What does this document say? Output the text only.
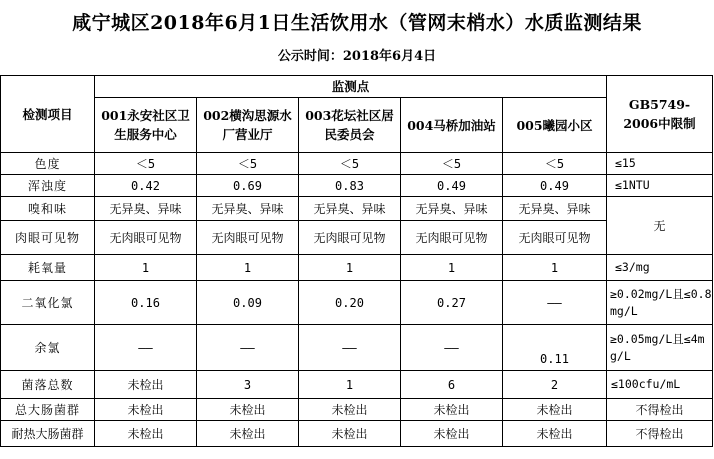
咸宁城区2018年6月1日生活饮用水（管网末梢水）水质监测结果
公示时间：2018年6月4日
检测项目	监测点					GB5749-2006中限制
	001永安社区卫生服务中心	002横沟思源水厂营业厅	003花坛社区居民委员会	004马桥加油站	005曦园小区	
色度	＜5	＜5	＜5	＜5	＜5	≤15
浑浊度	0.42	0.69	0.83	0.49	0.49	≤1NTU
嗅和味	无异臭、异味	无异臭、异味	无异臭、异味	无异臭、异味	无异臭、异味	无
肉眼可见物	无肉眼可见物	无肉眼可见物	无肉眼可见物	无肉眼可见物	无肉眼可见物	
耗氧量	1	1	1	1	1	≤3/mg
二氧化氯	0.16	0.09	0.20	0.27	——	≥0.02mg/L且≤0.8mg/L
余氯	——	——	——	——	0.11	≥0.05mg/L且≤4mg/L
菌落总数	未检出	3	1	6	2	≤100cfu/mL
总大肠菌群	未检出	未检出	未检出	未检出	未检出	不得检出
耐热大肠菌群	未检出	未检出	未检出	未检出	未检出	不得检出
